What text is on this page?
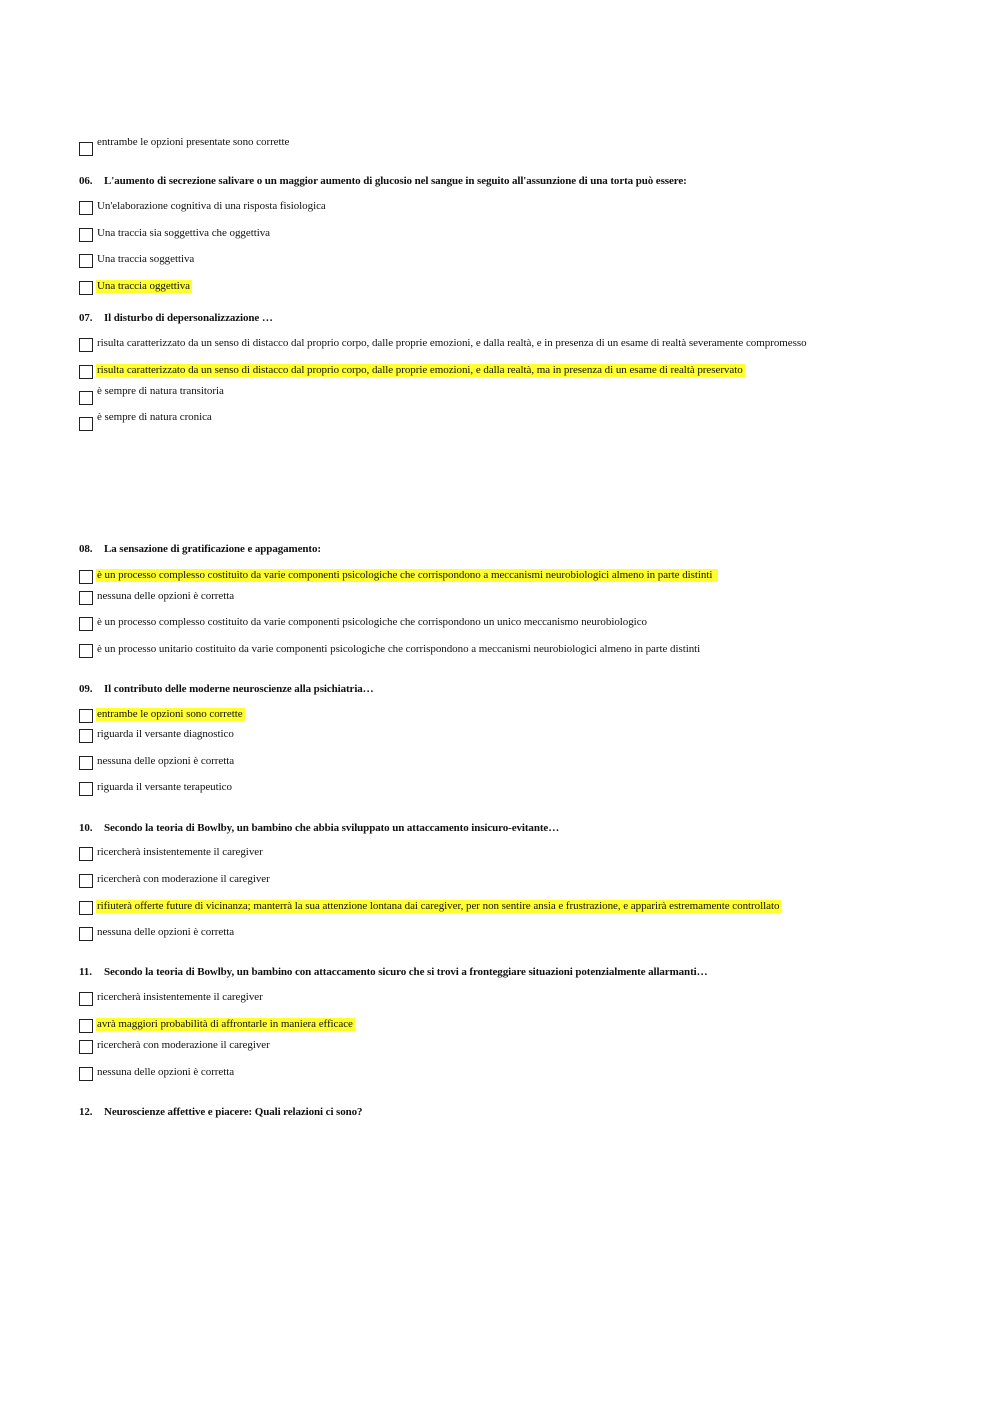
entrambe le opzioni presentate sono corrette
06. L'aumento di secrezione salivare o un maggior aumento di glucosio nel sangue in seguito all'assunzione di una torta può essere:
Un'elaborazione cognitiva di una risposta fisiologica
Una traccia sia soggettiva che oggettiva
Una traccia soggettiva
Una traccia oggettiva
07. Il disturbo di depersonalizzazione …
risulta caratterizzato da un senso di distacco dal proprio corpo, dalle proprie emozioni, e dalla realtà, e in presenza di un esame di realtà severamente compromesso
risulta caratterizzato da un senso di distacco dal proprio corpo, dalle proprie emozioni, e dalla realtà, ma in presenza di un esame di realtà preservato
è sempre di natura transitoria
è sempre di natura cronica
08. La sensazione di gratificazione e appagamento:
è un processo complesso costituito da varie componenti psicologiche che corrispondono a meccanismi neurobiologici almeno in parte distinti
nessuna delle opzioni è corretta
è un processo complesso costituito da varie componenti psicologiche che corrispondono un unico meccanismo neurobiologico
è un processo unitario costituito da varie componenti psicologiche che corrispondono a meccanismi neurobiologici almeno in parte distinti
09. Il contributo delle moderne neuroscienze alla psichiatria…
entrambe le opzioni sono corrette
riguarda il versante diagnostico
nessuna delle opzioni è corretta
riguarda il versante terapeutico
10. Secondo la teoria di Bowlby, un bambino che abbia sviluppato un attaccamento insicuro-evitante…
ricercherà insistentemente il caregiver
ricercherà con moderazione il caregiver
rifiuterà offerte future di vicinanza; manterrà la sua attenzione lontana dai caregiver, per non sentire ansia e frustrazione, e apparirà estremamente controllato
nessuna delle opzioni è corretta
11. Secondo la teoria di Bowlby, un bambino con attaccamento sicuro che si trovi a fronteggiare situazioni potenzialmente allarmanti…
ricercherà insistentemente il caregiver
avrà maggiori probabilità di affrontarle in maniera efficace
ricercherà con moderazione il caregiver
nessuna delle opzioni è corretta
12. Neuroscienze affettive e piacere: Quali relazioni ci sono?
